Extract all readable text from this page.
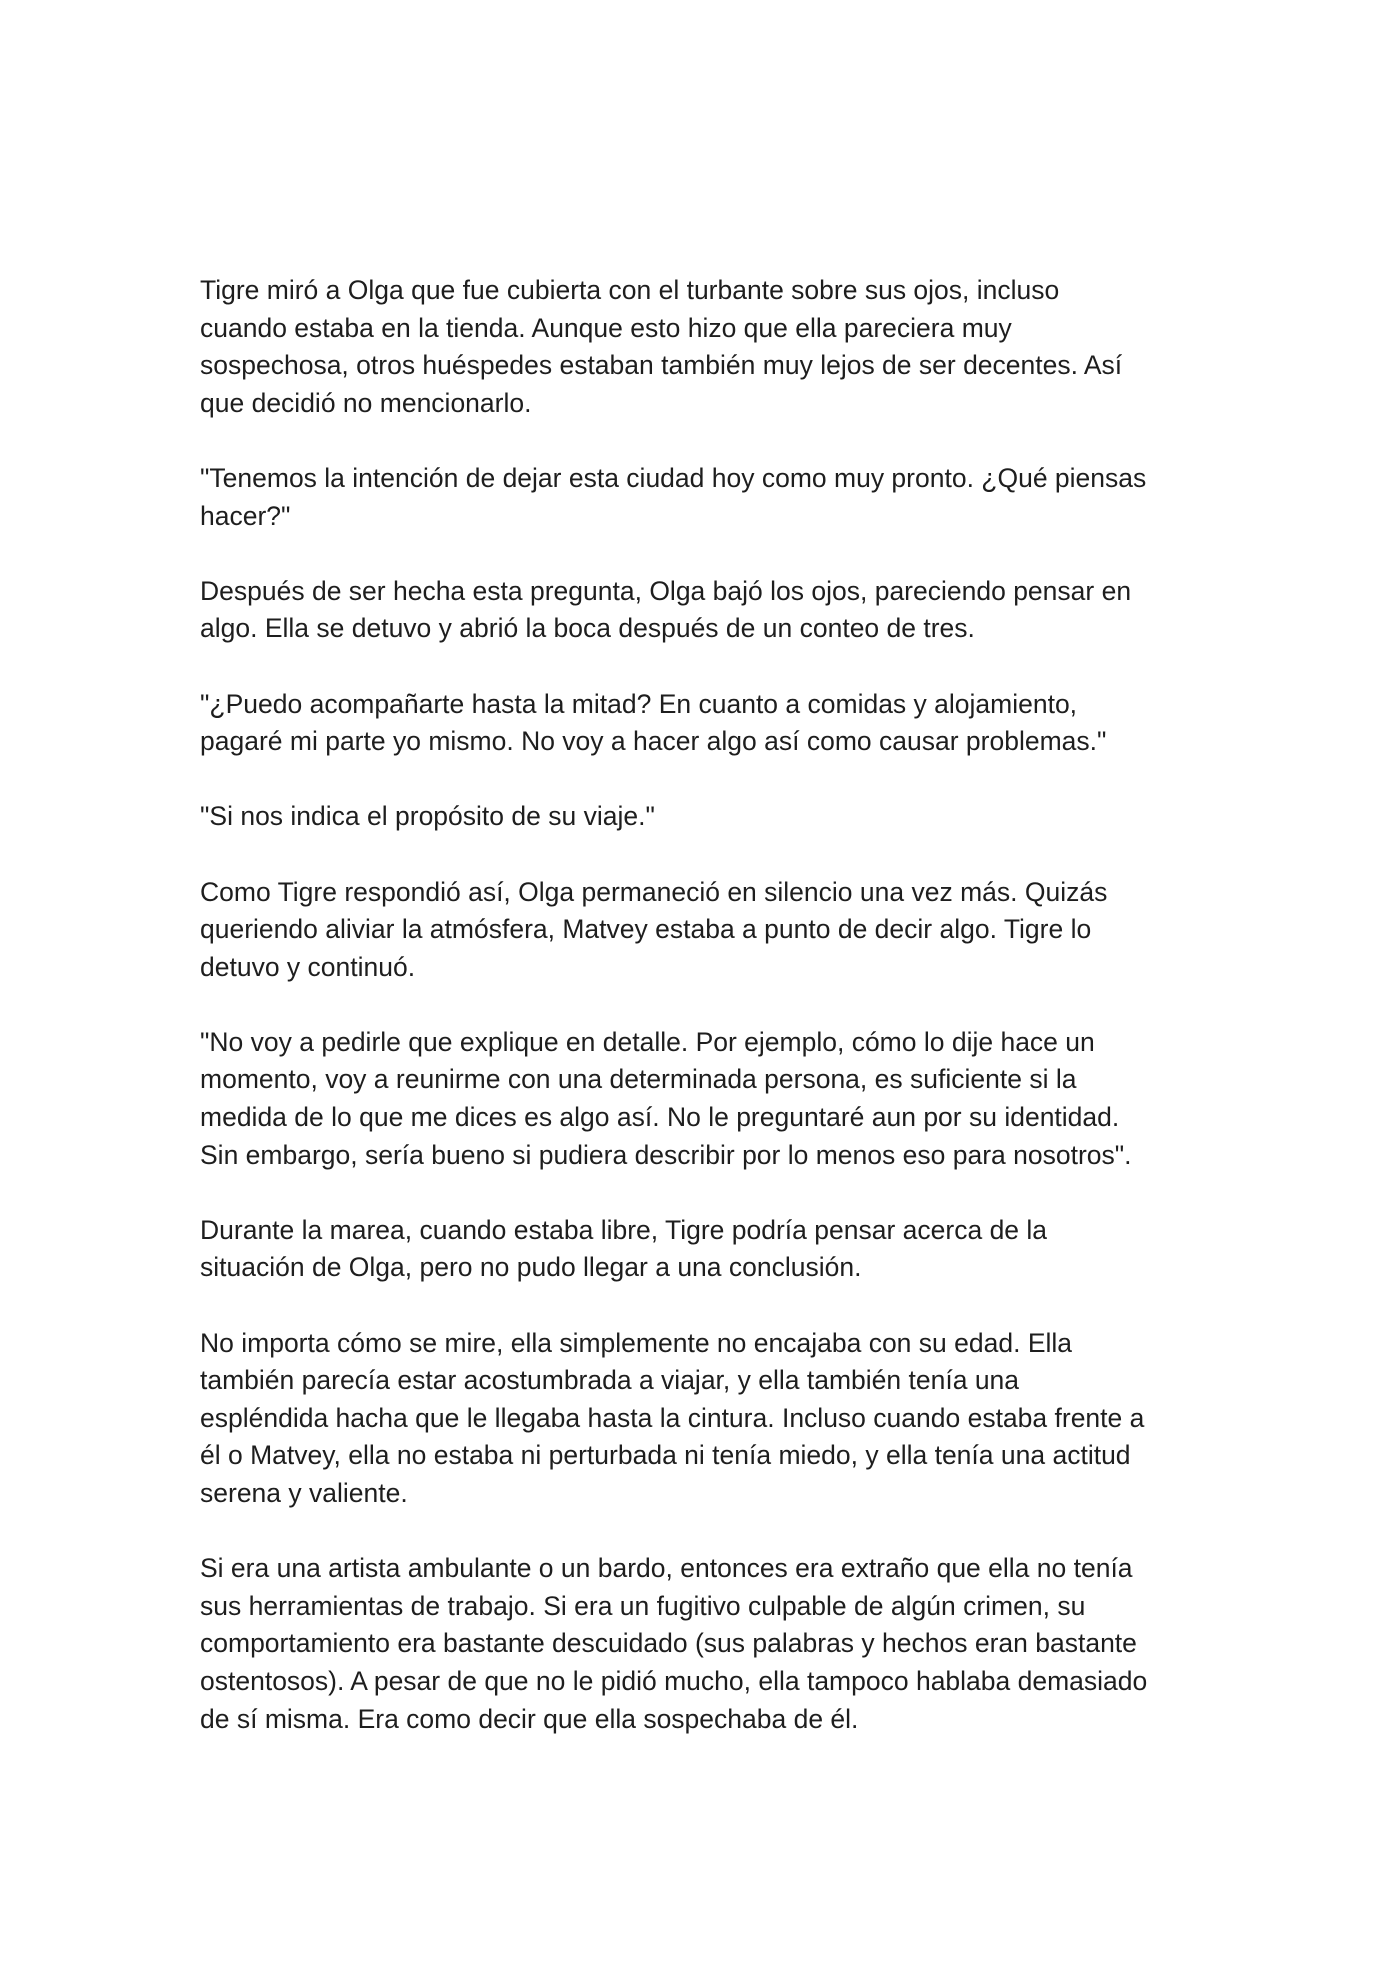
Tigre miró a Olga que fue cubierta con el turbante sobre sus ojos, incluso
cuando estaba en la tienda. Aunque esto hizo que ella pareciera muy
sospechosa, otros huéspedes estaban también muy lejos de ser decentes. Así
que decidió no mencionarlo.

"Tenemos la intención de dejar esta ciudad hoy como muy pronto. ¿Qué piensas
hacer?"

Después de ser hecha esta pregunta, Olga bajó los ojos, pareciendo pensar en
algo. Ella se detuvo y abrió la boca después de un conteo de tres.

"¿Puedo acompañarte hasta la mitad? En cuanto a comidas y alojamiento,
pagaré mi parte yo mismo. No voy a hacer algo así como causar problemas."

"Si nos indica el propósito de su viaje."

Como Tigre respondió así, Olga permaneció en silencio una vez más. Quizás
queriendo aliviar la atmósfera, Matvey estaba a punto de decir algo. Tigre lo
detuvo y continuó.

"No voy a pedirle que explique en detalle. Por ejemplo, cómo lo dije hace un
momento, voy a reunirme con una determinada persona, es suficiente si la
medida de lo que me dices es algo así. No le preguntaré aun por su identidad.
Sin embargo, sería bueno si pudiera describir por lo menos eso para nosotros".

Durante la marea, cuando estaba libre, Tigre podría pensar acerca de la
situación de Olga, pero no pudo llegar a una conclusión.

No importa cómo se mire, ella simplemente no encajaba con su edad. Ella
también parecía estar acostumbrada a viajar, y ella también tenía una
espléndida hacha que le llegaba hasta la cintura. Incluso cuando estaba frente a
él o Matvey, ella no estaba ni perturbada ni tenía miedo, y ella tenía una actitud
serena y valiente.

Si era una artista ambulante o un bardo, entonces era extraño que ella no tenía
sus herramientas de trabajo. Si era un fugitivo culpable de algún crimen, su
comportamiento era bastante descuidado (sus palabras y hechos eran bastante
ostentosos). A pesar de que no le pidió mucho, ella tampoco hablaba demasiado
de sí misma. Era como decir que ella sospechaba de él.
